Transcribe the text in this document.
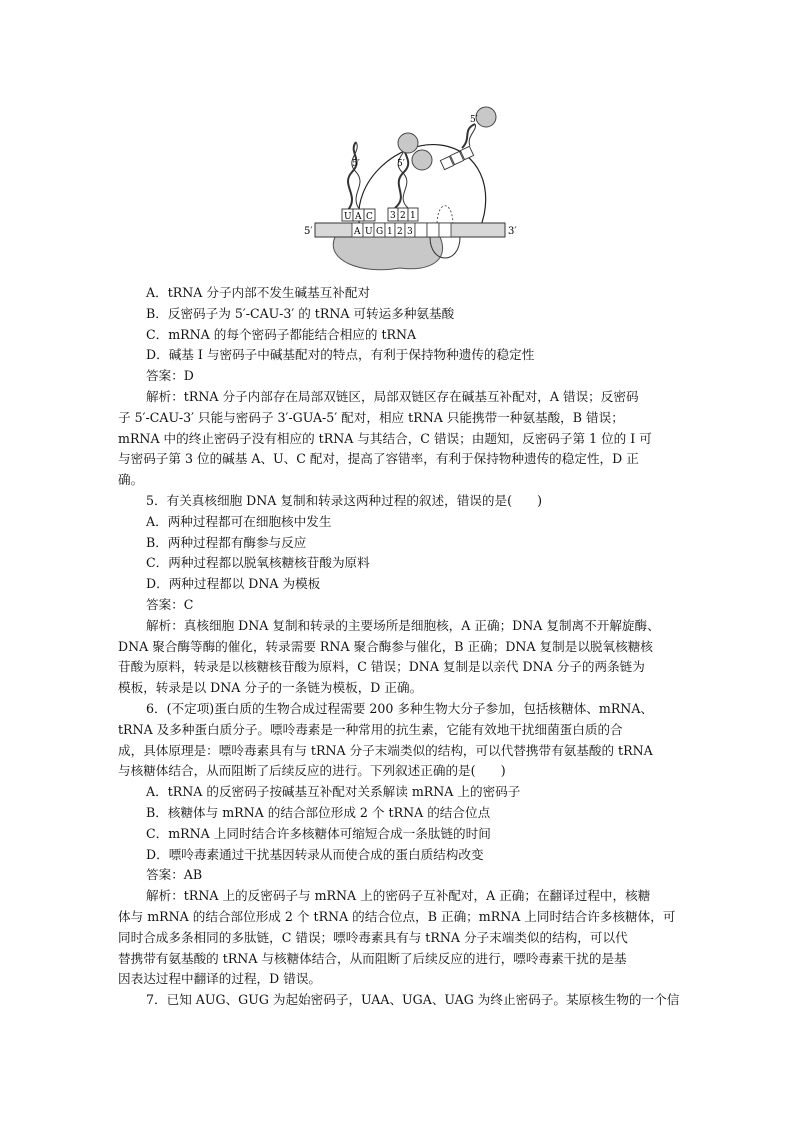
5′	3′
A U G 1 2 3
U A C
5′
3 2 1
5′
5′

A．tRNA 分子内部不发生碱基互补配对

B．反密码子为 5′-CAU-3′ 的 tRNA 可转运多种氨基酸

C．mRNA 的每个密码子都能结合相应的 tRNA

D．碱基 I 与密码子中碱基配对的特点，有利于保持物种遗传的稳定性

答案：D

解析：tRNA 分子内部存在局部双链区，局部双链区存在碱基互补配对，A 错误；反密码

子 5′-CAU-3′ 只能与密码子 3′-GUA-5′ 配对，相应 tRNA 只能携带一种氨基酸，B 错误；

mRNA 中的终止密码子没有相应的 tRNA 与其结合，C 错误；由题知，反密码子第 1 位的 I 可

与密码子第 3 位的碱基 A、U、C 配对，提高了容错率，有利于保持物种遗传的稳定性，D 正

确。

5．有关真核细胞 DNA 复制和转录这两种过程的叙述，错误的是(　　)

A．两种过程都可在细胞核中发生

B．两种过程都有酶参与反应

C．两种过程都以脱氧核糖核苷酸为原料

D．两种过程都以 DNA 为模板

答案：C

解析：真核细胞 DNA 复制和转录的主要场所是细胞核，A 正确；DNA 复制离不开解旋酶、

DNA 聚合酶等酶的催化，转录需要 RNA 聚合酶参与催化，B 正确；DNA 复制是以脱氧核糖核

苷酸为原料，转录是以核糖核苷酸为原料，C 错误；DNA 复制是以亲代 DNA 分子的两条链为

模板，转录是以 DNA 分子的一条链为模板，D 正确。

6．(不定项)蛋白质的生物合成过程需要 200 多种生物大分子参加，包括核糖体、mRNA、

tRNA 及多种蛋白质分子。嘌呤毒素是一种常用的抗生素，它能有效地干扰细菌蛋白质的合

成，具体原理是：嘌呤毒素具有与 tRNA 分子末端类似的结构，可以代替携带有氨基酸的 tRNA

与核糖体结合，从而阻断了后续反应的进行。下列叙述正确的是(　　)

A．tRNA 的反密码子按碱基互补配对关系解读 mRNA 上的密码子

B．核糖体与 mRNA 的结合部位形成 2 个 tRNA 的结合位点

C．mRNA 上同时结合许多核糖体可缩短合成一条肽链的时间

D．嘌呤毒素通过干扰基因转录从而使合成的蛋白质结构改变

答案：AB

解析：tRNA 上的反密码子与 mRNA 上的密码子互补配对，A 正确；在翻译过程中，核糖

体与 mRNA 的结合部位形成 2 个 tRNA 的结合位点，B 正确；mRNA 上同时结合许多核糖体，可

同时合成多条相同的多肽链，C 错误；嘌呤毒素具有与 tRNA 分子末端类似的结构，可以代

替携带有氨基酸的 tRNA 与核糖体结合，从而阻断了后续反应的进行，嘌呤毒素干扰的是基

因表达过程中翻译的过程，D 错误。

7．已知 AUG、GUG 为起始密码子，UAA、UGA、UAG 为终止密码子。某原核生物的一个信
